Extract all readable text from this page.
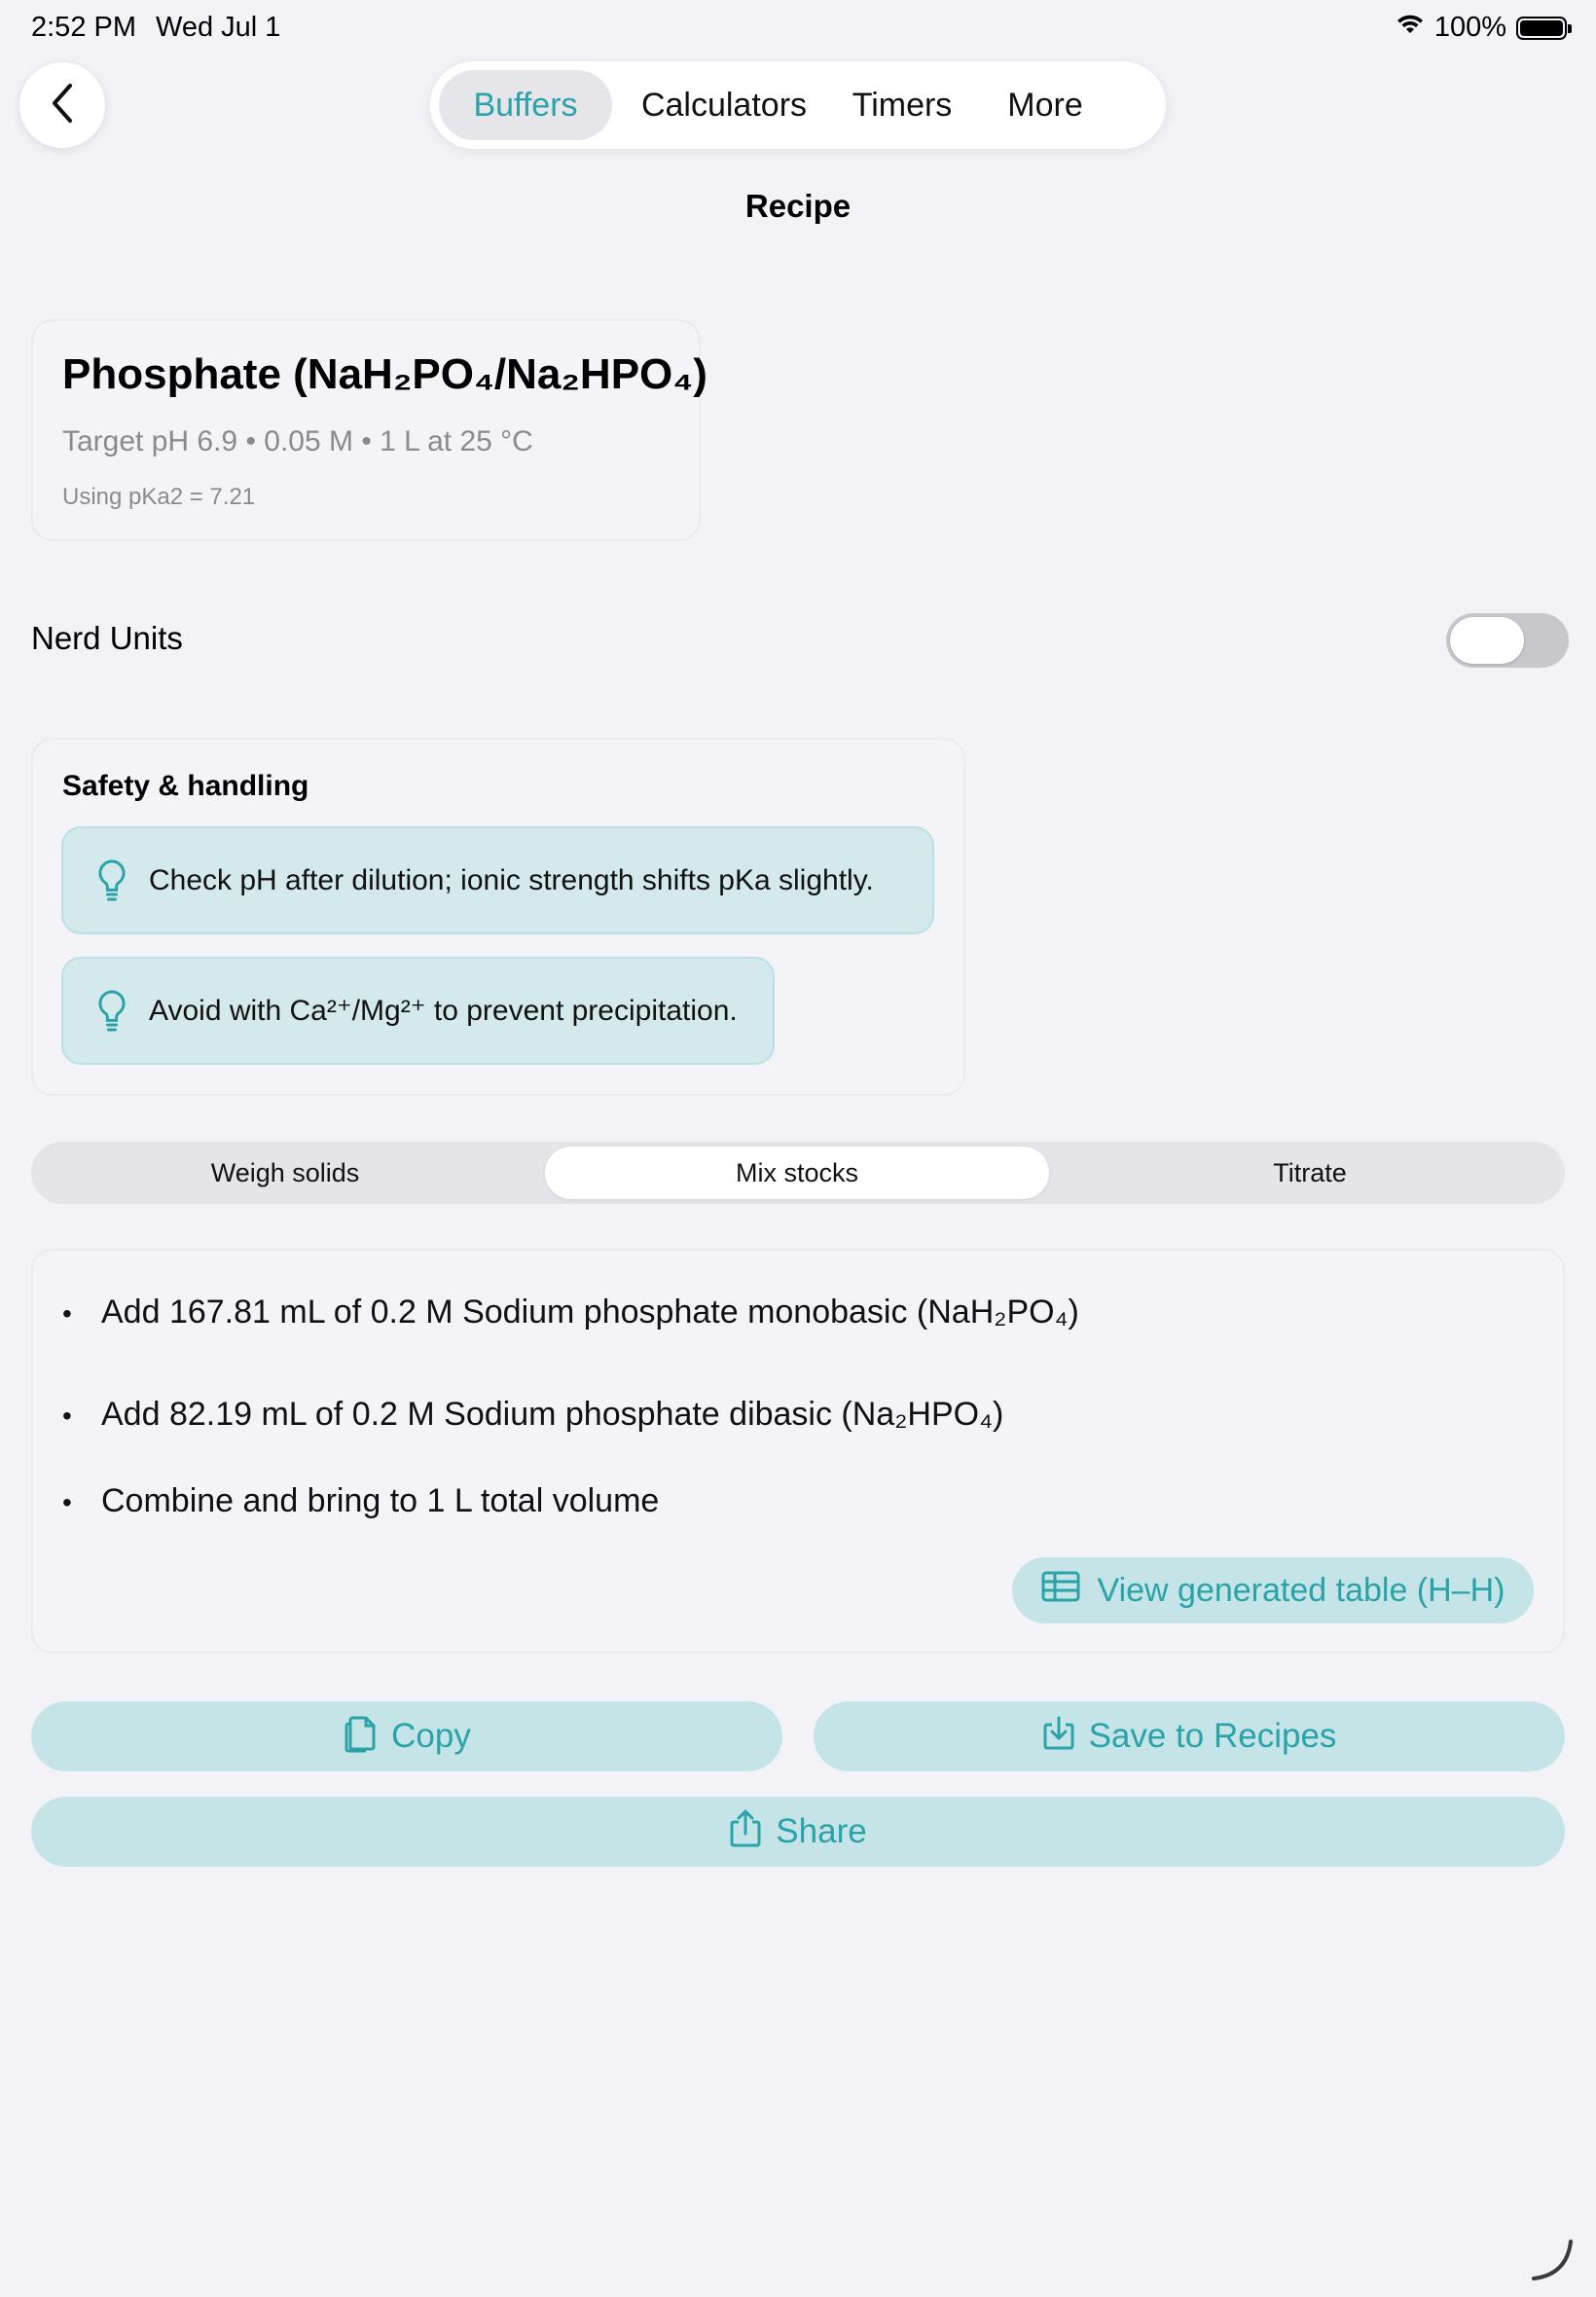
2:52 PM Wed Jul 1	100%
Buffers	Calculators	Timers	More
Recipe
Phosphate (NaH₂PO₄/Na₂HPO₄)
Target pH 6.9 • 0.05 M • 1 L at 25 °C
Using pKa2 = 7.21
Nerd Units
Safety & handling
Check pH after dilution; ionic strength shifts pKa slightly.
Avoid with Ca²⁺/Mg²⁺ to prevent precipitation.
Weigh solids	Mix stocks	Titrate
• Add 167.81 mL of 0.2 M Sodium phosphate monobasic (NaH₂PO₄)
• Add 82.19 mL of 0.2 M Sodium phosphate dibasic (Na₂HPO₄)
• Combine and bring to 1 L total volume
View generated table (H–H)
Copy	Save to Recipes
Share
